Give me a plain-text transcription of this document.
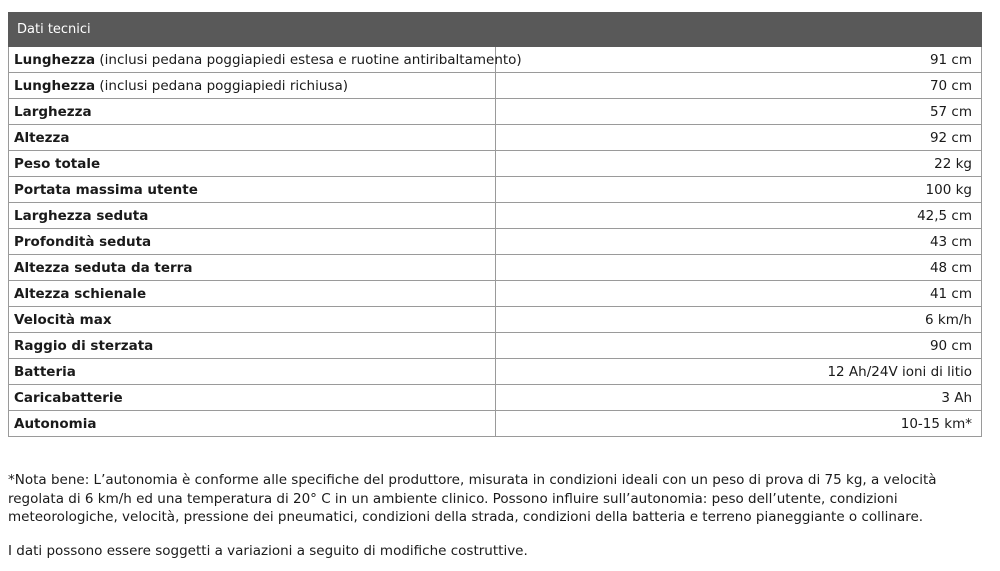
Dati tecnici	
Lunghezza (inclusi pedana poggiapiedi estesa e ruotine antiribaltamento)	91 cm
Lunghezza (inclusi pedana poggiapiedi richiusa)	70 cm
Larghezza	57 cm
Altezza	92 cm
Peso totale	22 kg
Portata massima utente	100 kg
Larghezza seduta	42,5 cm
Profondità seduta	43 cm
Altezza seduta da terra	48 cm
Altezza schienale	41 cm
Velocità max	6 km/h
Raggio di sterzata	90 cm
Batteria	12 Ah/24V ioni di litio
Caricabatterie	3 Ah
Autonomia	10-15 km*

*Nota bene: L’autonomia è conforme alle specifiche del produttore, misurata in condizioni ideali con un peso di prova di 75 kg, a velocità regolata di 6 km/h ed una temperatura di 20° C in un ambiente clinico. Possono influire sull’autonomia: peso dell’utente, condizioni meteorologiche, velocità, pressione dei pneumatici, condizioni della strada, condizioni della batteria e terreno pianeggiante o collinare.

I dati possono essere soggetti a variazioni a seguito di modifiche costruttive.
